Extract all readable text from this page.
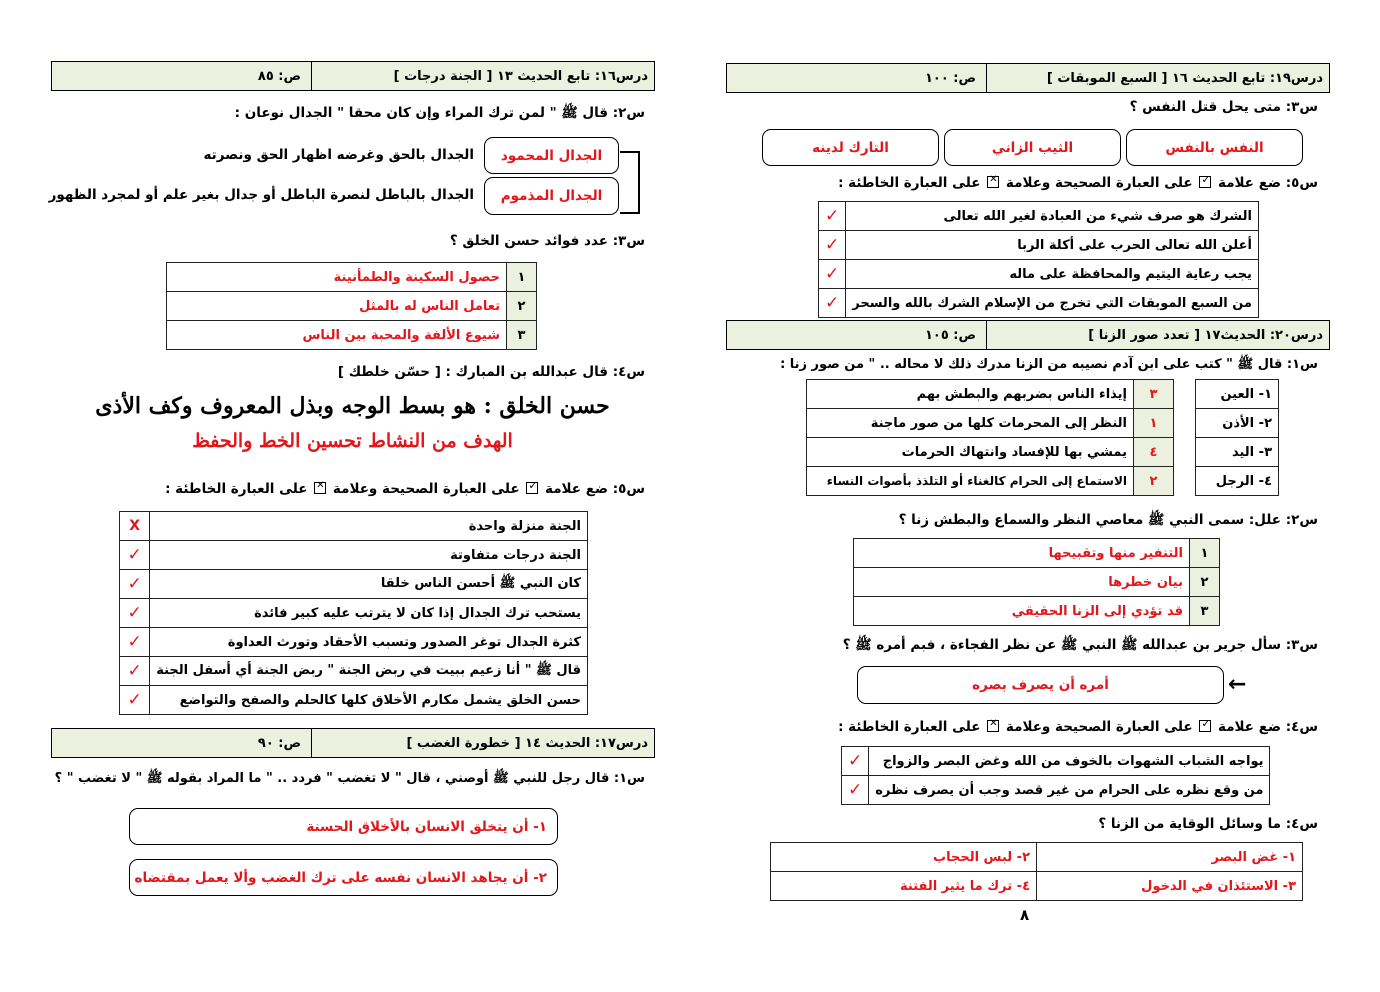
درس١٩: تابع الحديث ١٦ [ السبع الموبقات ]
ص: ١٠٠
س٣: متى يحل قتل النفس ؟
النفس بالنفس
الثيب الزاني
التارك لدينه
س٥: ضع علامة
✓
على العبارة الصحيحة وعلامة
✕
على العبارة الخاطئة :
الشرك هو صرف شيء من العبادة لغير الله تعالى	✓
أعلن الله تعالى الحرب على أكلة الربا	✓
يجب رعاية اليتيم والمحافظة على ماله	✓
من السبع الموبقات التي تخرج من الإسلام الشرك بالله والسحر	✓
درس٢٠: الحديث١٧ [ تعدد صور الزنا ]
ص: ١٠٥
س١: قال ﷺ " كتب على ابن آدم نصيبه من الزنا مدرك ذلك لا محاله .. " من صور زنا :
١- العين
٢- الأذن
٣- اليد
٤- الرجل
٣	إيذاء الناس بضربهم والبطش بهم
١	النظر إلى المحرمات كلها من صور ماجنة
٤	يمشي بها للإفساد وانتهاك الحرمات
٢	الاستماع إلى الحرام كالغناء أو التلذذ بأصوات النساء
س٢: علل: سمى النبي ﷺ معاصي النظر والسماع والبطش زنا ؟
١	التنفير منها وتقبيحها
٢	بيان خطرها
٣	قد تؤدي إلى الزنا الحقيقي
س٣: سأل جرير بن عبدالله ﷺ النبي ﷺ عن نظر الفجاءة ، فبم أمره ﷺ ؟
أمره أن يصرف بصره	←
س٤: ضع علامة
✓
على العبارة الصحيحة وعلامة
✕
على العبارة الخاطئة :
يواجه الشباب الشهوات بالخوف من الله وغض البصر والزواج	✓
من وقع نظره على الحرام من غير قصد وجب أن يصرف نظره	✓
س٤: ما وسائل الوقاية من الزنا ؟
١- غض البصر	٢- لبس الحجاب
٣- الاستئذان في الدخول	٤- ترك ما يثير الفتنة
٨
درس١٦: تابع الحديث ١٣ [ الجنة درجات ]
ص: ٨٥
س٢: قال ﷺ " لمن ترك المراء وإن كان محقا " الجدال نوعان :
الجدال المحمود
الجدال المذموم
الجدال بالحق وغرضه اظهار الحق ونصرته
الجدال بالباطل لنصرة الباطل أو جدال بغير علم أو لمجرد الظهور
س٣: عدد فوائد حسن الخلق ؟
١	حصول السكينة والطمأنينة
٢	تعامل الناس له بالمثل
٣	شيوع الألفة والمحبة بين الناس
س٤: قال عبدالله بن المبارك : [ حسّن خلطك ]
حسن الخلق : هو بسط الوجه وبذل المعروف وكف الأذى
الهدف من النشاط تحسين الخط والحفظ
س٥: ضع علامة
✓
على العبارة الصحيحة وعلامة
✕
على العبارة الخاطئة :
الجنة منزلة واحدة	X
الجنة درجات متفاوتة	✓
كان النبي ﷺ أحسن الناس خلقا	✓
يستحب ترك الجدال إذا كان لا يترتب عليه كبير فائدة	✓
كثرة الجدال توغر الصدور وتسبب الأحقاد وتورث العداوة	✓
قال ﷺ " أنا زعيم ببيت في ربض الجنة " ربض الجنة أي أسفل الجنة	✓
حسن الخلق يشمل مكارم الأخلاق كلها كالحلم والصفح والتواضع	✓
درس١٧: الحديث ١٤ [ خطورة الغضب ]
ص: ٩٠
س١: قال رجل للنبي ﷺ أوصني ، قال " لا تغضب " فردد .. " ما المراد بقوله ﷺ " لا تغضب " ؟
١- أن يتخلق الانسان بالأخلاق الحسنة
٢- أن يجاهد الانسان نفسه على ترك الغضب وألا يعمل بمقتضاه
